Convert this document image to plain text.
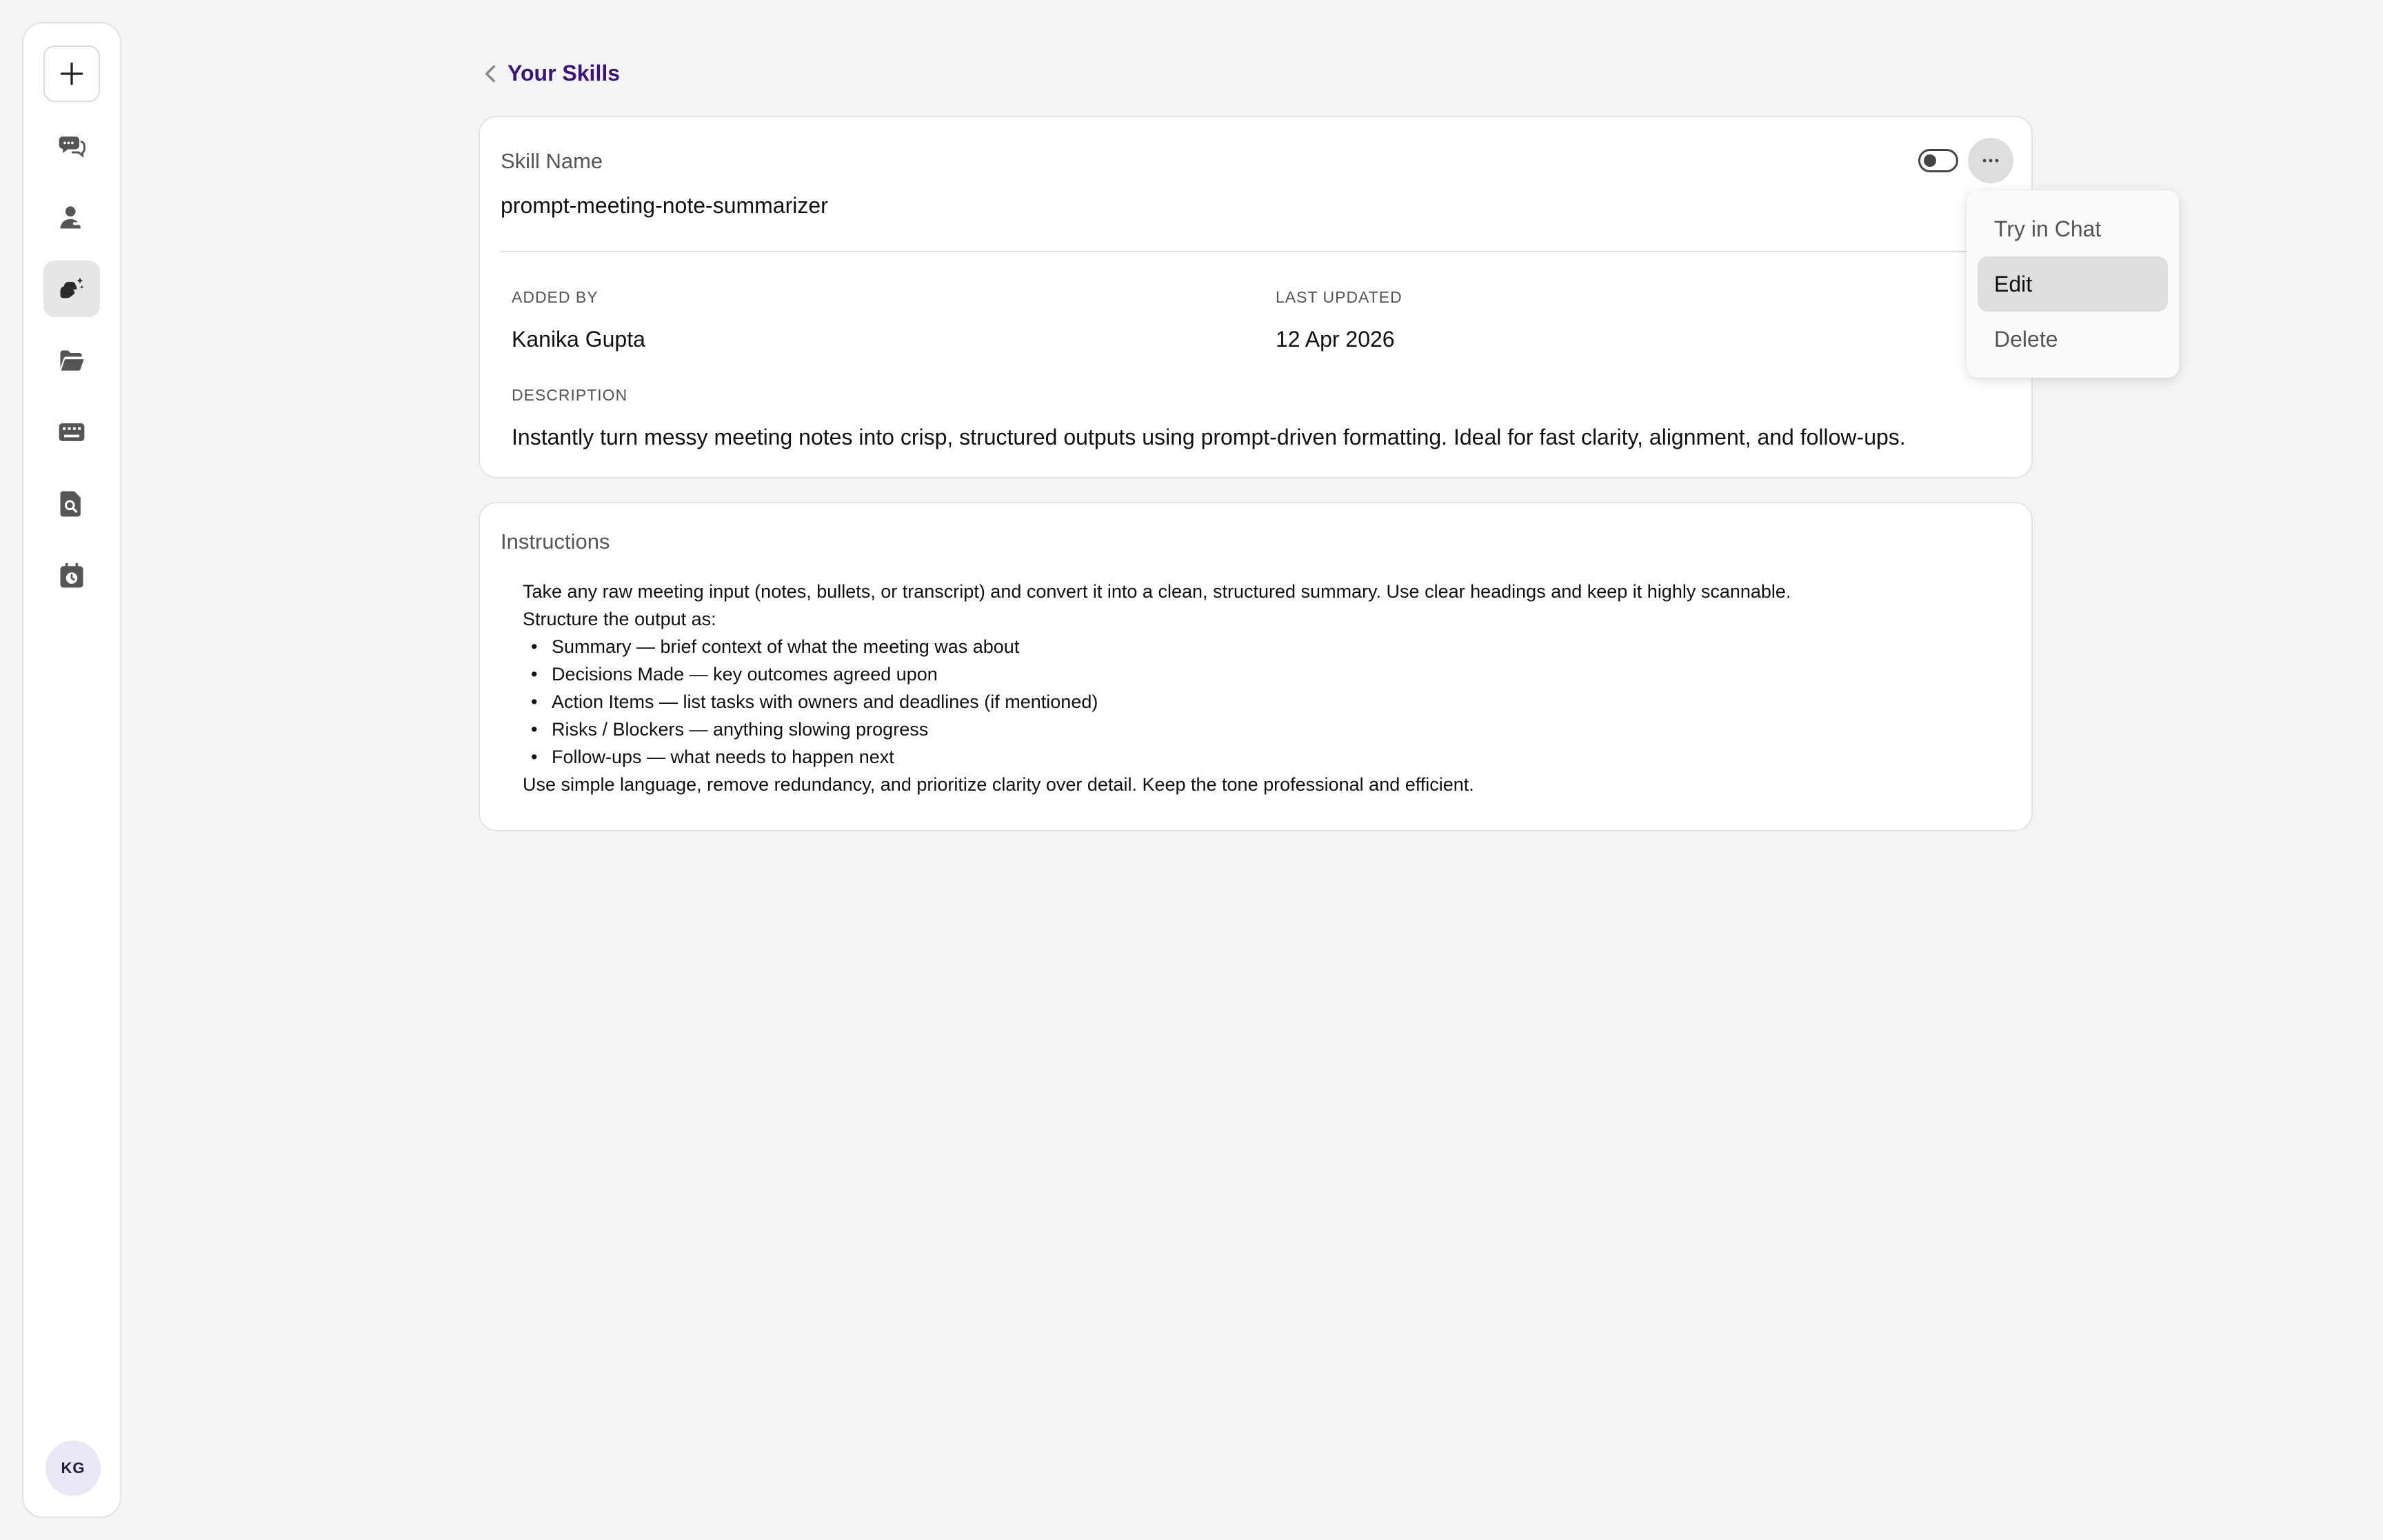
KG
Your Skills
Skill Name
prompt-meeting-note-summarizer
ADDED BY
Kanika Gupta
LAST UPDATED
12 Apr 2026
DESCRIPTION
Instantly turn messy meeting notes into crisp, structured outputs using prompt-driven formatting. Ideal for fast clarity, alignment, and follow-ups.
Instructions
Take any raw meeting input (notes, bullets, or transcript) and convert it into a clean, structured summary. Use clear headings and keep it highly scannable.
Structure the output as:
• Summary — brief context of what the meeting was about
• Decisions Made — key outcomes agreed upon
• Action Items — list tasks with owners and deadlines (if mentioned)
• Risks / Blockers — anything slowing progress
• Follow-ups — what needs to happen next
Use simple language, remove redundancy, and prioritize clarity over detail. Keep the tone professional and efficient.
Try in Chat
Edit
Delete
